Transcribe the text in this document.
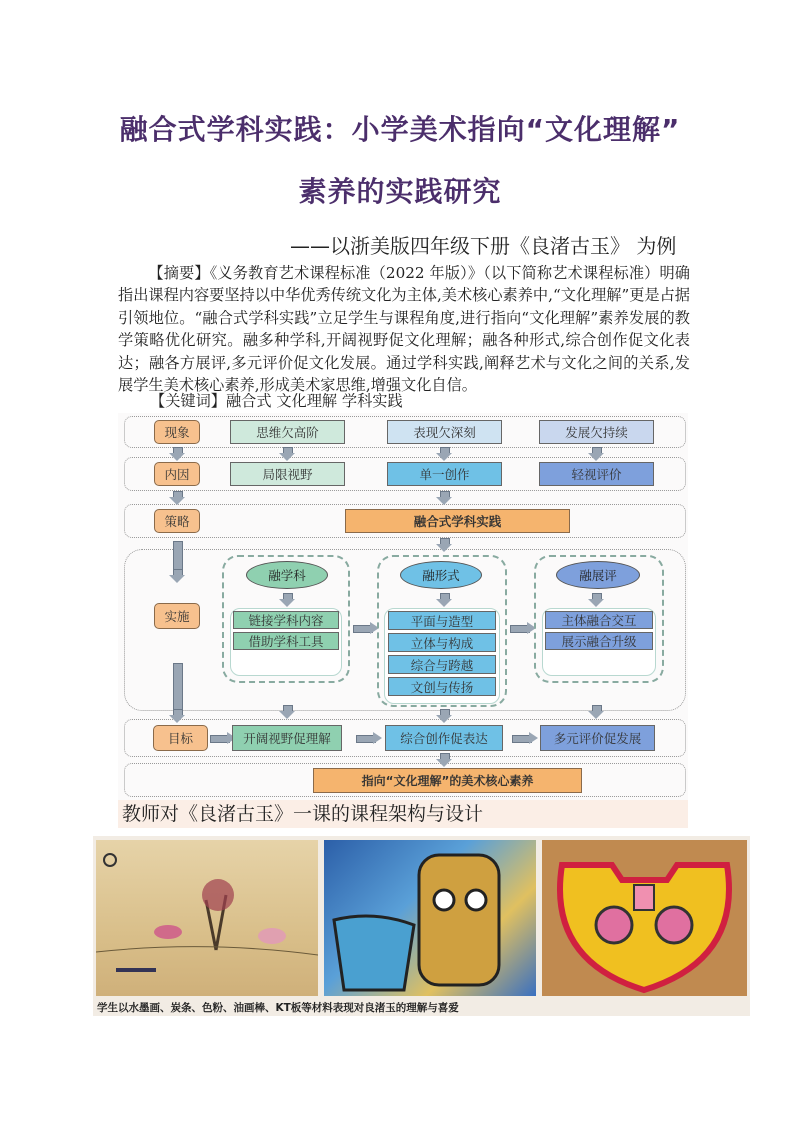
融合式学科实践：小学美术指向“文化理解”
素养的实践研究
——以浙美版四年级下册《良渚古玉》 为例
【摘要】《义务教育艺术课程标准（2022 年版）》（以下简称艺术课程标准）明确指出课程内容要坚持以中华优秀传统文化为主体,美术核心素养中,“文化理解”更是占据引领地位。“融合式学科实践”立足学生与课程角度,进行指向“文化理解”素养发展的教学策略优化研究。融多种学科,开阔视野促文化理解；融各种形式,综合创作促文化表达；融各方展评,多元评价促文化发展。通过学科实践,阐释艺术与文化之间的关系,发展学生美术核心素养,形成美术家思维,增强文化自信。
【关键词】融合式 文化理解 学科实践
现象	思维欠高阶	表现欠深刻	发展欠持续
内因	局限视野	单一创作	轻视评价
策略	融合式学科实践
实施
融学科
链接学科内容
借助学科工具
融形式
平面与造型
立体与构成
综合与跨越
文创与传扬
融展评
主体融合交互
展示融合升级
目标	开阔视野促理解	综合创作促表达	多元评价促发展
指向“文化理解”的美术核心素养
教师对《良渚古玉》一课的课程架构与设计
学生以水墨画、炭条、色粉、油画棒、KT板等材料表现对良渚玉的理解与喜爱
